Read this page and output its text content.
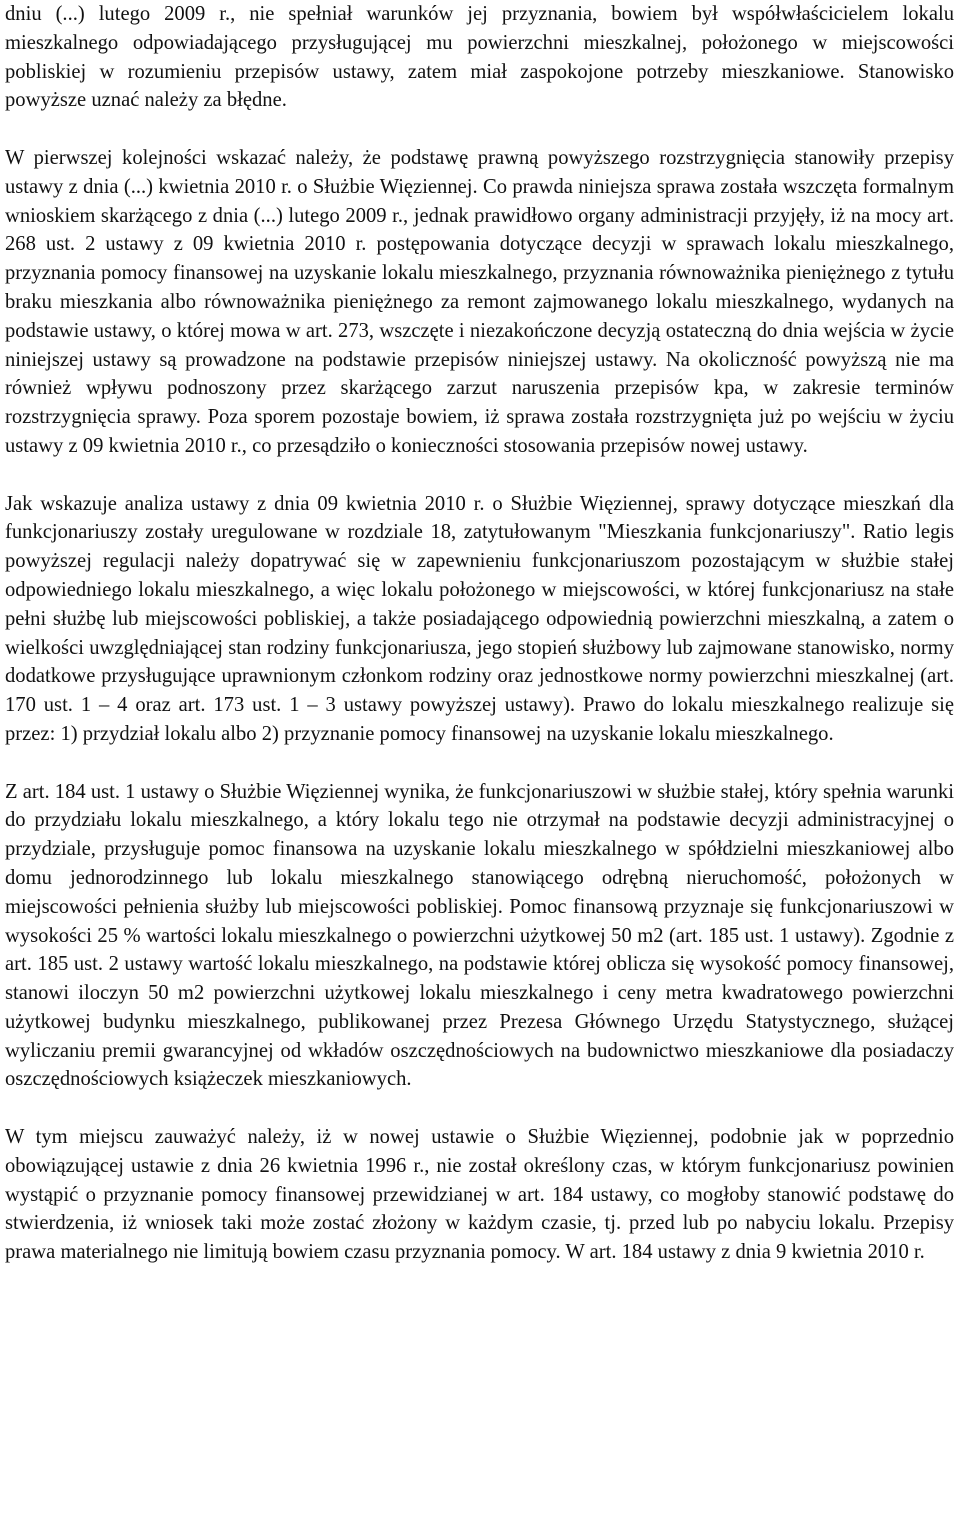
dniu (...) lutego 2009 r., nie spełniał warunków jej przyznania, bowiem był współwłaścicielem lokalu mieszkalnego odpowiadającego przysługującej mu powierzchni mieszkalnej, położonego w miejscowości pobliskiej w rozumieniu przepisów ustawy, zatem miał zaspokojone potrzeby mieszkaniowe. Stanowisko powyższe uznać należy za błędne.

W pierwszej kolejności wskazać należy, że podstawę prawną powyższego rozstrzygnięcia stanowiły przepisy ustawy z dnia (...) kwietnia 2010 r. o Służbie Więziennej. Co prawda niniejsza sprawa została wszczęta formalnym wnioskiem skarżącego z dnia (...) lutego 2009 r., jednak prawidłowo organy administracji przyjęły, iż na mocy art. 268 ust. 2 ustawy z 09 kwietnia 2010 r. postępowania dotyczące decyzji w sprawach lokalu mieszkalnego, przyznania pomocy finansowej na uzyskanie lokalu mieszkalnego, przyznania równoważnika pieniężnego z tytułu braku mieszkania albo równoważnika pieniężnego za remont zajmowanego lokalu mieszkalnego, wydanych na podstawie ustawy, o której mowa w art. 273, wszczęte i niezakończone decyzją ostateczną do dnia wejścia w życie niniejszej ustawy są prowadzone na podstawie przepisów niniejszej ustawy. Na okoliczność powyższą nie ma również wpływu podnoszony przez skarżącego zarzut naruszenia przepisów kpa, w zakresie terminów rozstrzygnięcia sprawy. Poza sporem pozostaje bowiem, iż sprawa została rozstrzygnięta już po wejściu w życiu ustawy z 09 kwietnia 2010 r., co przesądziło o konieczności stosowania przepisów nowej ustawy.

Jak wskazuje analiza ustawy z dnia 09 kwietnia 2010 r. o Służbie Więziennej, sprawy dotyczące mieszkań dla funkcjonariuszy zostały uregulowane w rozdziale 18, zatytułowanym "Mieszkania funkcjonariuszy". Ratio legis powyższej regulacji należy dopatrywać się w zapewnieniu funkcjonariuszom pozostającym w służbie stałej odpowiedniego lokalu mieszkalnego, a więc lokalu położonego w miejscowości, w której funkcjonariusz na stałe pełni służbę lub miejscowości pobliskiej, a także posiadającego odpowiednią powierzchni mieszkalną, a zatem o wielkości uwzględniającej stan rodziny funkcjonariusza, jego stopień służbowy lub zajmowane stanowisko, normy dodatkowe przysługujące uprawnionym członkom rodziny oraz jednostkowe normy powierzchni mieszkalnej (art. 170 ust. 1 – 4 oraz art. 173 ust. 1 – 3 ustawy powyższej ustawy). Prawo do lokalu mieszkalnego realizuje się przez: 1) przydział lokalu albo 2) przyznanie pomocy finansowej na uzyskanie lokalu mieszkalnego.

Z art. 184 ust. 1 ustawy o Służbie Więziennej wynika, że funkcjonariuszowi w służbie stałej, który spełnia warunki do przydziału lokalu mieszkalnego, a który lokalu tego nie otrzymał na podstawie decyzji administracyjnej o przydziale, przysługuje pomoc finansowa na uzyskanie lokalu mieszkalnego w spółdzielni mieszkaniowej albo domu jednorodzinnego lub lokalu mieszkalnego stanowiącego odrębną nieruchomość, położonych w miejscowości pełnienia służby lub miejscowości pobliskiej. Pomoc finansową przyznaje się funkcjonariuszowi w wysokości 25 % wartości lokalu mieszkalnego o powierzchni użytkowej 50 m2 (art. 185 ust. 1 ustawy). Zgodnie z art. 185 ust. 2 ustawy wartość lokalu mieszkalnego, na podstawie której oblicza się wysokość pomocy finansowej, stanowi iloczyn 50 m2 powierzchni użytkowej lokalu mieszkalnego i ceny metra kwadratowego powierzchni użytkowej budynku mieszkalnego, publikowanej przez Prezesa Głównego Urzędu Statystycznego, służącej wyliczaniu premii gwarancyjnej od wkładów oszczędnościowych na budownictwo mieszkaniowe dla posiadaczy oszczędnościowych książeczek mieszkaniowych.

W tym miejscu zauważyć należy, iż w nowej ustawie o Służbie Więziennej, podobnie jak w poprzednio obowiązującej ustawie z dnia 26 kwietnia 1996 r., nie został określony czas, w którym funkcjonariusz powinien wystąpić o przyznanie pomocy finansowej przewidzianej w art. 184 ustawy, co mogłoby stanowić podstawę do stwierdzenia, iż wniosek taki może zostać złożony w każdym czasie, tj. przed lub po nabyciu lokalu. Przepisy prawa materialnego nie limitują bowiem czasu przyznania pomocy. W art. 184 ustawy z dnia 9 kwietnia 2010 r.
